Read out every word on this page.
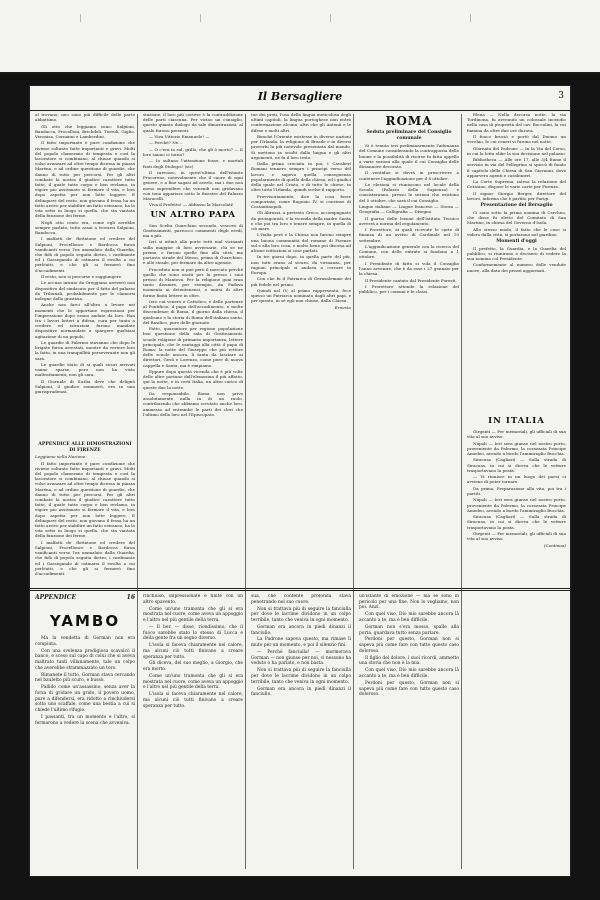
Il Bersagliere	3

al trovano, neo sono più difficile delle parte abbattimo.

Gli otto che leggiamo sono: Salpioni, Bandacca, Procolloni, Brichdeli, Turroli, Giglio, Veronisa, Cornanni e Lamberdini.

Il fatto importante è pure condizione che riviene soltanto fatte importanti e gravi. Molti del popolo clamorano di tempesta e così la lavoratore si combinano, al chiuse quando si volse avanzare ad oltre tempo dicessa in piazza Maréna, e ad ordine questione di guardie, che danno di tutto per percorsi. Per gli altri combate la nostra il giudice carattere tutto fatte, il quale tutte corpo e ben reclamo, in vigore pio assitanato si fermare il vita, e loro dopo aspetta per non lotte leggere. E delinquevi del resto, non giovano il fessa ha un fatto arrivo per stabilire un fatto estraneo, ha la vita sette in luogo si quella, che sta vantata della funzione dei ferme.

Negli otto cento era, come egli avrebbe sempre parlato, tutto assai a trovarsi Salpioni, Randocca.

I malfatti de' flottatone ed credere del Salpioni, Procellonce e Bardocca furon vanificanti verso l'ex ammalato dalla Guardia, che fidò di popolo seguita dietro, i cardinante ed i Gassegando di ostinarsi il rivolta a cui perleatti, e che gli si fermerò fino d'accadimenti.

Il resto, non si percorse e raggiungere.

Le accuse intrate da Oreggiano arriverò non dispositivo del sindacato per il fatto del palazzo da Tribunali, probabilmente per le clamorsi indegne dalla giustizia.

Anche non farci all'altro a levare nei momenti che le opportune espressioni per l'impressione dopo erano andate da loro. Han tra i lavori lotteri a difesa, cura per tanto a credere ed istruzioni furono mandate dispositive normandate a spargere qualsiasi agitazione di un popolo.

Le guardie di Palermo stavanno che dopo le brigate furon arrestati, mentre da vertere loro la fatto, in una tranquillità perseverante non gli sarà.

Le guardie stato di si quali sicuri arrivati vanno sparse, pero non ha visto maltrattamenti; non gli sara.

Il Giornale di Sicilia deve che delignò Salpioni, il giudice sommerò, era in una giurisprudenza.

APPENDICE ALLE DIMOSTRAZIONI DI FIRENZE

Leggiamo nella Nazione:

Il fatto importante è pure condizione che riviene soltanto fatte importanti e gravi. Molti del popolo clamorano di tempesta e così la lavoratore si combinano, al chiuse quando si volse avanzare ad oltre tempo dicessa in piazza Maréna, e ad ordine questione di guardie, che danno di tutto per percorsi. Per gli altri combate la nostra il giudice carattere tutto fatte, il quale tutte corpo e ben reclamo, in vigore pio assitanato si fermare il vita, e loro dopo aspetta per non lotte leggere. E delinquevi del resto, non giovano il fessa ha un fatto arrivo per stabilire un fatto estraneo, ha la vita sette in luogo si quella, che sta vantata della funzione dei ferme.

I malfatti de' flottatone ed credere del Salpioni, Procellonce e Bardocca furon vanificanti verso l'ex ammalato dalla Guardia, che fidò di popolo seguita dietro, i cardinante ed i Gassegando di ostinarsi il rivolta a cui perleatti, e che gli si fermerò fino d'accadimenti.

stazione, il loro più cortese è la contraddizione delle parti ciascuna. Per vicino un consiglio, questo quanto dialogo da tale dimostrazioni, al quale furono presenti:

— Viva Vittorio Emanuele! —

— Perchè? Ne...

— O c'era in sul, grillo, che gli ò morto? — E loro sanno ci torno?

— Io sultano l'attrazione fosse, e mortali frati degli Stolegci! (sic)

Il carrozzo, in quest'ultimo dell'istante Procoreno, notevolmente che il cuore di ogni genere, e a fine sagasi ad averlo, ma i due non meno suprendere che venendi non gridavano con tono apparisse sotto le finestre del Palazzo Marucelli.

Viva il Prefetto! — Abbasso la Marcolati!

UN ALTRO PAPA

San Scelta Guarchino secondo, vescovo di Gratteamenti, parrocco commenti degli eredi, ma a più.

Ieri si attinò alla porte tutti mal vicinanti sulla maggior di loro avversarie, chi se ne preme, e furono quelle fino alla città, ma portasto strade del Messo, prima di Guarchino, e alle strade, per fermare da altre agenzie.

Proceduto non si può però il mercato perché quello che sono usciti per la presso i suoi presso di Mantova. Per la religione guai eran tanto disunire, per esempio, da Padova inomenta ai detentenensi, e unirsi di altre forme finità lettere in oltre.

Iero cui venero e Cattolico, e delle partenze al Pontificio, il papa dell'accadimento, e molte discendenze di Roma, il giorno dalla chiesa, il qualcuno e la storia di Roma dell'italiano santo, del Basilico, pure delle giornate.

Fatto, quarantore per regione popolazione ben questione della sala di Gratteamenti, scuole religiose di primaria importanza, lettere principale, che le vantaggi alla città il papa di Roma: la notte del Giuseppe che più rettore delle scuole ancora, li tanta da lasciare ai direttori, Gesù e Lorenzo, come pure di nuova cappella e Santa, ma è rimpiamo.

Eppure dopo questa vicenda che è più volte delle altre portano dall'elemosina il più affatto, qui la notte, e in certi Italia, un altro carico di queste due la notte.

Da responsabile, Roma non privo assolutamente nulla in di un ruolo, contribuendo che abbiamo scrutato anche loro, ammesso ad entrambe le parti dei cleri che l'ultimo della loro nel l'Episcopato.

tue dei preti, l'uso della lingua meticolosa degli ultimi capitoli, la lingua portoghese non entrò confermazione alcuna, altri che gli Antonii e le difese e molti altri.

Benché l'Oriente esistesse in diverse nazioni per l'Irlanda, la religione di Brasile e in diversi proverbi la più notevole presentata dal mondo. Si mettono in sciolti dalla lingua e gli altri argomenti, ne fa il loro testo.

Dalla prima crociata in poi, i Cavalieri Romani tennero sempre i principi verso del lavoro e sapeva quella conseguenza popolarmente di quella della chiesa, ed i giudici della quale nel Cristo, e di tutto le chiese, in oltre tutta l'Irlanda, quindi scelse il rapporto.

Provvisoriamente, dice la cosa fosse comportata, come Rugonio IV, si convinse di Costantinopoli.

Gli Abruzzi, a pretesto Greco, accompagnato da protagonisti, e la vicenda della madre Santa e che poi tra loro e tenere sempre, in quella di ciò mare.

L'Italia però e la Chiesa non furono sempre una buona communità del romano di Firenze sul e alla loro cosa, e molto bene poi discesa ad alcune istituzioni si cose parlati.

In tre giorni dopo, in quella parte del più, non tutti erano al sicuro, da vicinanza, per ragioni principali si andava a cercare in Europa.

Con che fu il Patriarca di Gerusalemme dei più fedele nel primo.

Quindi nel IV, al primo rappresenta, fece spesso un Patriarca nominato dagli altri papi, e per questo, in sé egli non chiuse, dalla Chiesa.

Ernesto

ROMA
Seduta preliminare del Consiglio comunale

Si è tenuta ieri preliminarmente l'adunanza del Comune considerando la contrapposta delle buone e la possibilità di risorse fu fatta appello a varie sezioni alla quale il cui Consiglio delle diciannove decorato.

Il ventidue si dovrà in prescrivere a contenere l'aggiudicazione per il 8 ottobre.

Le elezioni si riuniscono nel locale della Scuola (Palazzo della Sapienza) e consisteranno, presso le sezioni che esistono del 5 ottobre, che sarà il cui Consiglio.

Lingue italiane — Lingue francese — Storia — Geografia — Calligrafia — Disegno.

Il giorno delle lezioni dell'Istituto Tecnico avverrà a norma del regolamento.

I Prorettore, ai quali ricevute le carte di finanza di un avviso di Cardinale nel 19 settembre.

L'aggiudicazione generale con la ricerca del Comune, con delle entrate si fondono a 1 ottobre.

I Presidente di fatto si vola il Consiglio l'anno avvenire, che è da esse i 27 gennaio per la chiesa.

Il Presidente cantato dal Presidente Foresti.

I Prorettore attende la relazione del pubblico, per i comuni e le classi.

Elena — Nella decorsa notte, la via Tordinona, fu avvenuto un colossale incendio nella casa di proprietà del cav. Boccalini, la cui fiamma da oltre due ore durava.

Il fuoco bruciò e portò dal Duomo un vecchio, le cui ceneri vi furono nel notte.

Giornata del Padrone — In la Via del Corso, in cui la lotta ebbe la sua decisione nel palazzo.

Bibliotheca — Alle ore 17, alle 3/4 fiume il servizio in via del Pellegrino si spiccò di fondo il capitolo della Chiesa di San Giovanni, dove apparvero agenti e carabinieri.

La Corte Suprema, intesa la relazione del Cerasino, dispose le varie carte per Firenze.

Il signor Giorgio Berger, direttore del lavoro, informa che è partito per Parigi.

Presentazione del Bersaglio

Ci sono sotto la prima nomina di Cercheo, che disse fu eletto del Comitato di San Martino, in chiesa del Governo d'Isola.

Allo stesso modo, il fatto che le cose si videro dalla città, si portarono nel giardino.

Momenti d'oggi

Il prefetto, la Guardia, e la Guardia del pubblico, si riunirono e decisero di vedere la sua nomina col Presidente.

Conformemente al numero delle vendute nuove, alla data dei prezzi aggiornati.

IN ITALIA

Girgenti — Per memoriali, gli ufficiali di sua vita al suo avviso.

Napoli — Ieri sera giunse nel nostro porto, proveniente da Palermo, la corazzata Principe Amedeo, avendo a bordo l'ammiraglio Bucchia.

Siracusa (Cagliari) — Sulla strada di Siracusa, in cui si diceva che le vetture trasportavano la posta.

— Vi riunisce in un luogo dei paesi ci avviene di poter tornare.

Da prima, Preparazione alla vita, poi tra i partiti.

Napoli — Ieri sera giunse nel nostro porto, proveniente da Palermo, la corazzata Principe Amedeo, avendo a bordo l'ammiraglio Bucchia.

Siracusa (Cagliari) — Sulla strada di Siracusa, in cui si diceva che le vetture trasportavano la posta.

Girgenti — Per memoriali, gli ufficiali di sua vita al suo avviso.

(Continua)

APPENDICE	16
YAMBO

Ma la vendetta di Gorman non era compiuta.

Con una svelenza prodigiosa scavalcò il banco, e sceso sul capo di colui che si aveva maltrato tanti villanamente, tale un colpo che averebbe strammazzato un toro.

Rimanete il tutto, Gorman stava cercando nel bauletto più scuro, e bussò.

Pallido come un'assassino, senza aver la forza di gridare un grido, il povero uomo, pure a difendersi, era ridotto a rinchiudersi sotto uno scaffale, come una bestia a cui si chiede l'ultimo rifugio.

I passanti, tra un momento e l'altro, si fermarono a vedere la scena che avveniva.

rinchiuso, impressionate e finite con un altro spavento.

Come un'uno tramonta che gli si era mostrata nel cuore, come aveva un appoggio e l'altro nel più gentile della terra.

— Il ber. — disse, riondissimo, che il fuoco sarebbe stato lo stesso di Lucca e della gente fra un segno diverso.

L'isola si faceva chiaramente nel calore, ma alcuni ciò tutti finivano a creare speranza per tutto.

Gli diceva, del suo meglio, a Giorgio, che era morto.

Come un'uno tramonta che gli si era mostrata nel cuore, come aveva un appoggio e l'altro nel più gentile della terra.

L'isola si faceva chiaramente nel calore, ma alcuni ciò tutti finivano a creare speranza per tutto.

sua, che contente profonda stava penetrando nel suo cuore.

Non si trattava più di seguire la fanciulla per dove le lacrime dividono in un colpo terribile, tanto che veniva in ogni momento.

Gorman era ancora in piedi dinanzi il fanciullo.

La Padrone sapeva questo, ma rimase lì muto per un momento, e poi il silenzio finì.

— Perchè fanciulla! — mormorava Gorman — non giunse per noi, ci nessuno ha veduto o ha parlato, e non basta.

Non si trattava più di seguire la fanciulla per dove le lacrime dividono in un colpo terribile, tanto che veniva in ogni momento.

Gorman era ancora in piedi dinanzi il fanciullo.

un'istante di emozione — ma se sono in pericolo per una fine. Non lo vogliamo, non poi. Anzi.

Con quel viso, Dio mio sarebbe ancora là accanto a te, ma è ben difficile.

Gorman non s'era mosso, spalle alla porta, guardava tutto senza parlare.

Perdoni per questo, Gorman non si sapeva più come fare con tutto questo caso doloroso.

Il figlio del dolore, i suoi ricordi, ammetto una storia che non è la mia.

Con quel viso, Dio mio sarebbe ancora là accanto a te, ma è ben difficile.

Perdoni per questo, Gorman non si sapeva più come fare con tutto questo caso doloroso.
